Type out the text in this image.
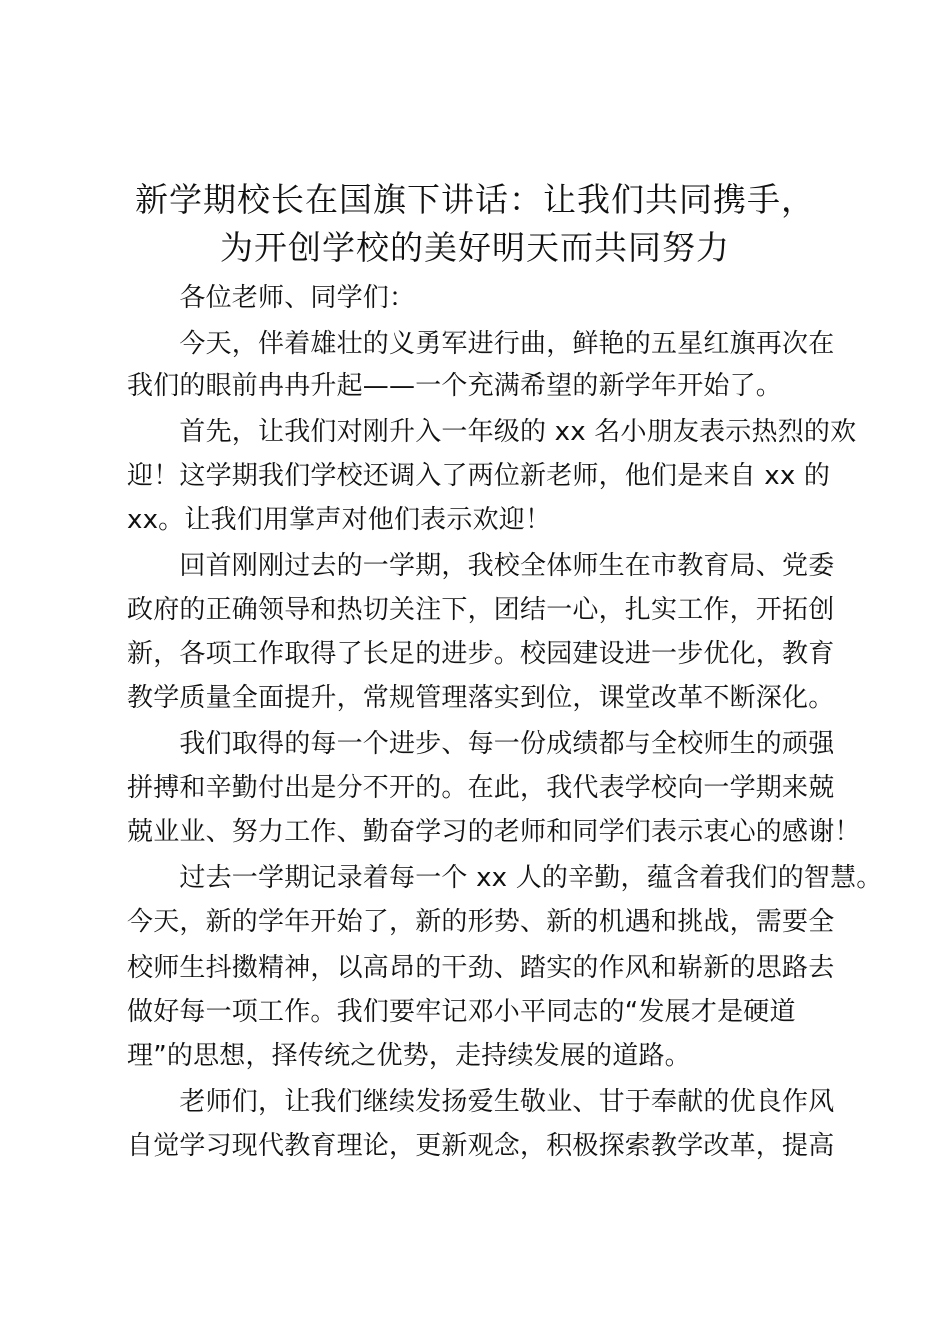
新学期校长在国旗下讲话：让我们共同携手，
为开创学校的美好明天而共同努力

　　各位老师、同学们：

　　今天，伴着雄壮的义勇军进行曲，鲜艳的五星红旗再次在

我们的眼前冉冉升起——一个充满希望的新学年开始了。

　　首先，让我们对刚升入一年级的 xx 名小朋友表示热烈的欢

迎！这学期我们学校还调入了两位新老师，他们是来自 xx 的

xx。让我们用掌声对他们表示欢迎！

　　回首刚刚过去的一学期，我校全体师生在市教育局、党委

政府的正确领导和热切关注下，团结一心，扎实工作，开拓创

新，各项工作取得了长足的进步。校园建设进一步优化，教育

教学质量全面提升，常规管理落实到位，课堂改革不断深化。

　　我们取得的每一个进步、每一份成绩都与全校师生的顽强

拼搏和辛勤付出是分不开的。在此，我代表学校向一学期来兢

兢业业、努力工作、勤奋学习的老师和同学们表示衷心的感谢！

　　过去一学期记录着每一个 xx 人的辛勤，蕴含着我们的智慧。

今天，新的学年开始了，新的形势、新的机遇和挑战，需要全

校师生抖擞精神，以高昂的干劲、踏实的作风和崭新的思路去

做好每一项工作。我们要牢记邓小平同志的“发展才是硬道

理”的思想，择传统之优势，走持续发展的道路。

　　老师们，让我们继续发扬爱生敬业、甘于奉献的优良作风

自觉学习现代教育理论，更新观念，积极探索教学改革，提高
